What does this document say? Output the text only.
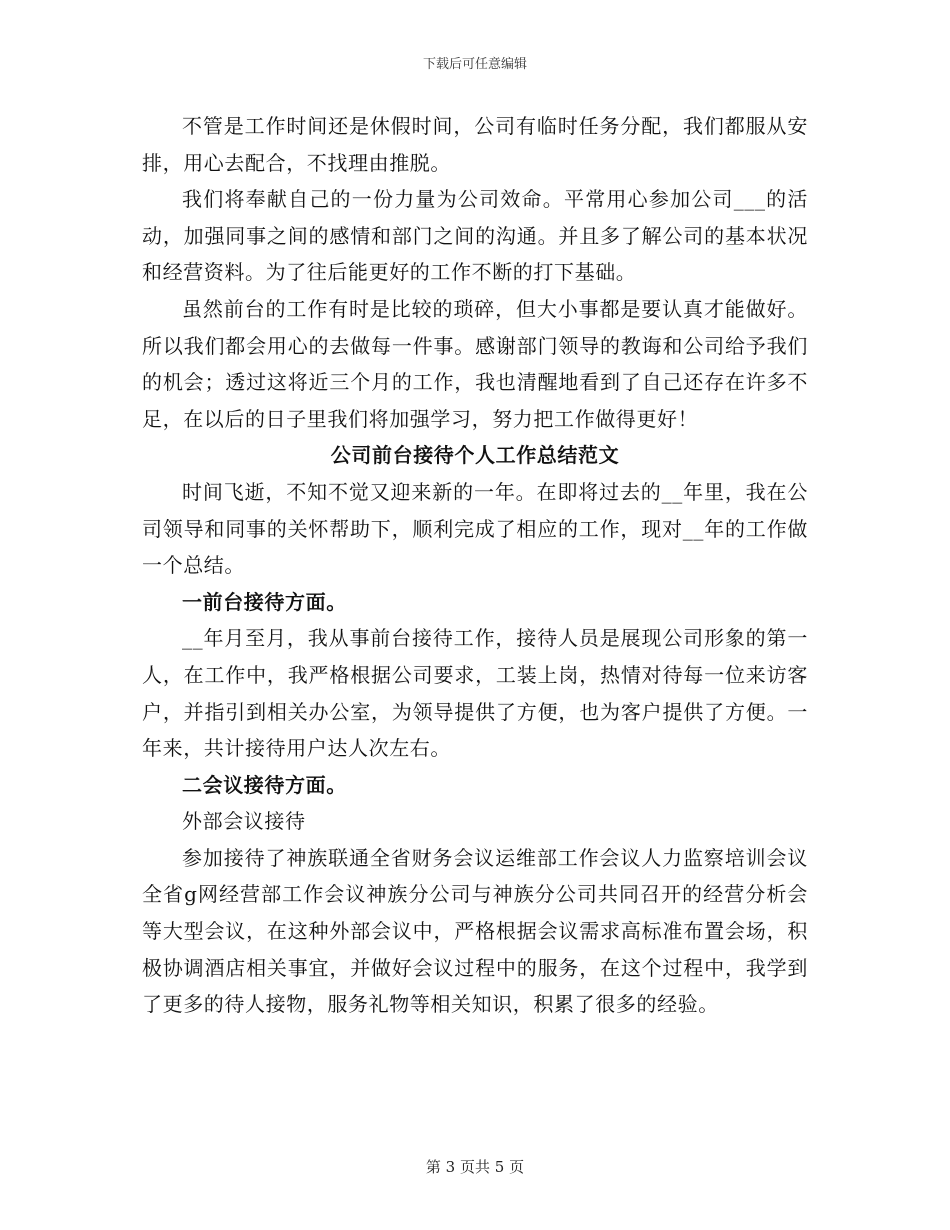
下载后可任意编辑

不管是工作时间还是休假时间，公司有临时任务分配，我们都服从安排，用心去配合，不找理由推脱。

我们将奉献自己的一份力量为公司效命。平常用心参加公司___的活动，加强同事之间的感情和部门之间的沟通。并且多了解公司的基本状况和经营资料。为了往后能更好的工作不断的打下基础。

虽然前台的工作有时是比较的琐碎，但大小事都是要认真才能做好。所以我们都会用心的去做每一件事。感谢部门领导的教诲和公司给予我们的机会；透过这将近三个月的工作，我也清醒地看到了自己还存在许多不足，在以后的日子里我们将加强学习，努力把工作做得更好！

公司前台接待个人工作总结范文

时间飞逝，不知不觉又迎来新的一年。在即将过去的__年里，我在公司领导和同事的关怀帮助下，顺利完成了相应的工作，现对__年的工作做一个总结。

一前台接待方面。

__年月至月，我从事前台接待工作，接待人员是展现公司形象的第一人，在工作中，我严格根据公司要求，工装上岗，热情对待每一位来访客户，并指引到相关办公室，为领导提供了方便，也为客户提供了方便。一年来，共计接待用户达人次左右。

二会议接待方面。

外部会议接待

参加接待了神族联通全省财务会议运维部工作会议人力监察培训会议全省g网经营部工作会议神族分公司与神族分公司共同召开的经营分析会等大型会议，在这种外部会议中，严格根据会议需求高标准布置会场，积极协调酒店相关事宜，并做好会议过程中的服务，在这个过程中，我学到了更多的待人接物，服务礼物等相关知识，积累了很多的经验。

第 3 页共 5 页
